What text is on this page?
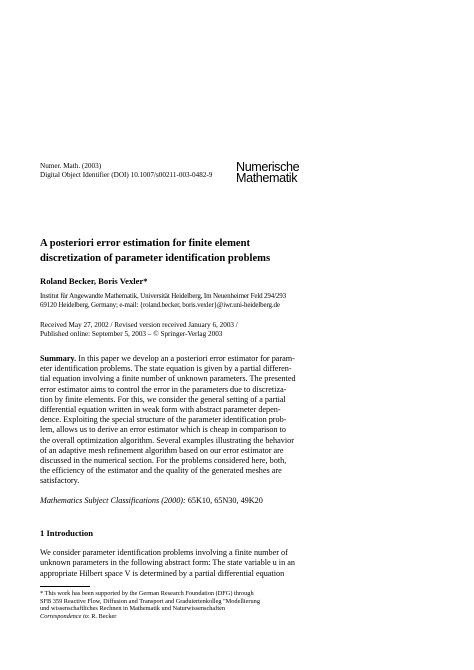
Numer. Math. (2003)
Digital Object Identifier (DOI) 10.1007/s00211-003-0482-9
Numerische
Mathematik
A posteriori error estimation for finite element
discretization of parameter identification problems
Roland Becker, Boris Vexler*
Institut für Angewandte Mathematik, Universität Heidelberg, Im Neuenheimer Feld 294/293
69120 Heidelberg, Germany; e-mail: {roland.becker, boris.vexler}@iwr.uni-heidelberg.de
Received May 27, 2002 / Revised version received January 6, 2003 /
Published online: September 5, 2003 – © Springer-Verlag 2003
Summary. In this paper we develop an a posteriori error estimator for param-
eter identification problems. The state equation is given by a partial differen-
tial equation involving a finite number of unknown parameters. The presented
error estimator aims to control the error in the parameters due to discretiza-
tion by finite elements. For this, we consider the general setting of a partial
differential equation written in weak form with abstract parameter depen-
dence. Exploiting the special structure of the parameter identification prob-
lem, allows us to derive an error estimator which is cheap in comparison to
the overall optimization algorithm. Several examples illustrating the behavior
of an adaptive mesh refinement algorithm based on our error estimator are
discussed in the numerical section. For the problems considered here, both,
the efficiency of the estimator and the quality of the generated meshes are
satisfactory.
Mathematics Subject Classifications (2000): 65K10, 65N30, 49K20
1 Introduction
We consider parameter identification problems involving a finite number of
unknown parameters in the following abstract form: The state variable u in an
appropriate Hilbert space V is determined by a partial differential equation
* This work has been supported by the German Research Foundation (DFG) through
SFB 359 Reactive Flow, Diffusion and Transport and Graduiertenkolleg "Modellierung
und wissenschaftliches Rechnen in Mathematik und Naturwissenschaften
Correspondence to: R. Becker
